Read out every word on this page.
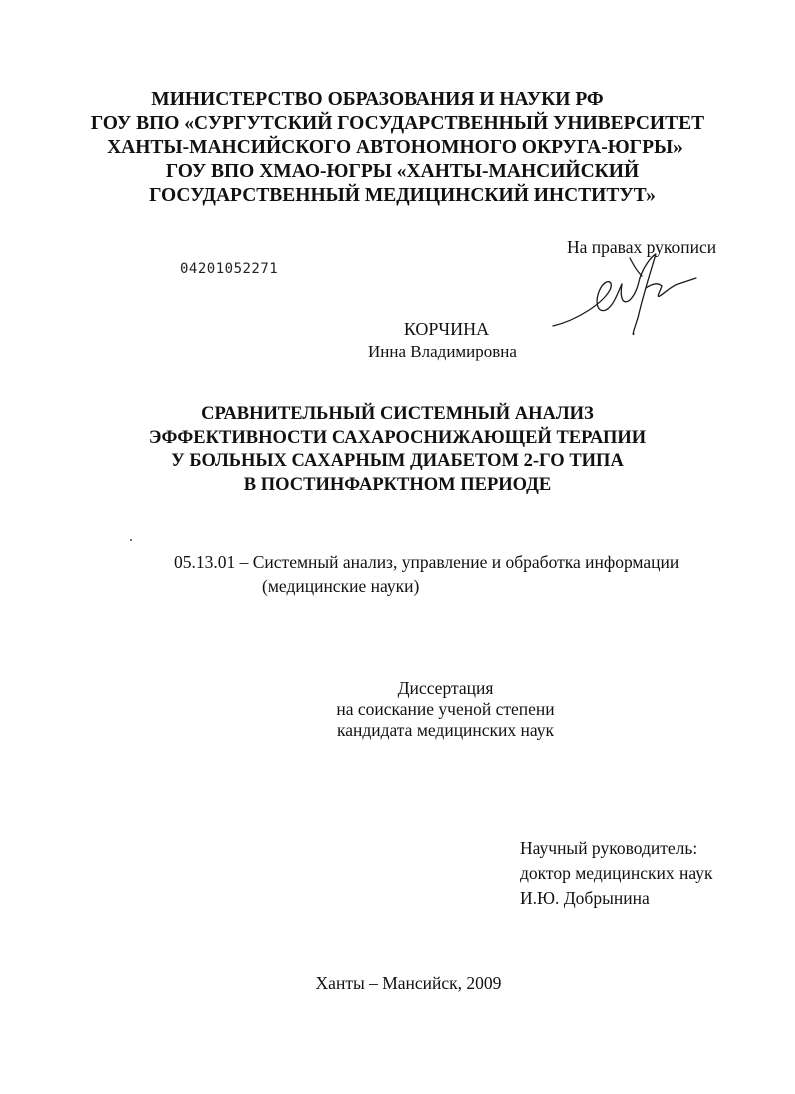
МИНИСТЕРСТВО ОБРАЗОВАНИЯ И НАУКИ РФ
ГОУ ВПО «СУРГУТСКИЙ ГОСУДАРСТВЕННЫЙ УНИВЕРСИТЕТ
ХАНТЫ-МАНСИЙСКОГО АВТОНОМНОГО ОКРУГА-ЮГРЫ»
ГОУ ВПО ХМАО-ЮГРЫ «ХАНТЫ-МАНСИЙСКИЙ
ГОСУДАРСТВЕННЫЙ МЕДИЦИНСКИЙ ИНСТИТУТ»
На правах рукописи
04201052271
КОРЧИНА
Инна Владимировна
СРАВНИТЕЛЬНЫЙ СИСТЕМНЫЙ АНАЛИЗ
ЭФФЕКТИВНОСТИ САХАРОСНИЖАЮЩЕЙ ТЕРАПИИ
У БОЛЬНЫХ САХАРНЫМ ДИАБЕТОМ 2-ГО ТИПА
В ПОСТИНФАРКТНОМ ПЕРИОДЕ
05.13.01 – Системный анализ, управление и обработка информации
(медицинские науки)
Диссертация
на соискание ученой степени
кандидата медицинских наук
Научный руководитель:
доктор медицинских наук
И.Ю. Добрынина
Ханты – Мансийск, 2009
